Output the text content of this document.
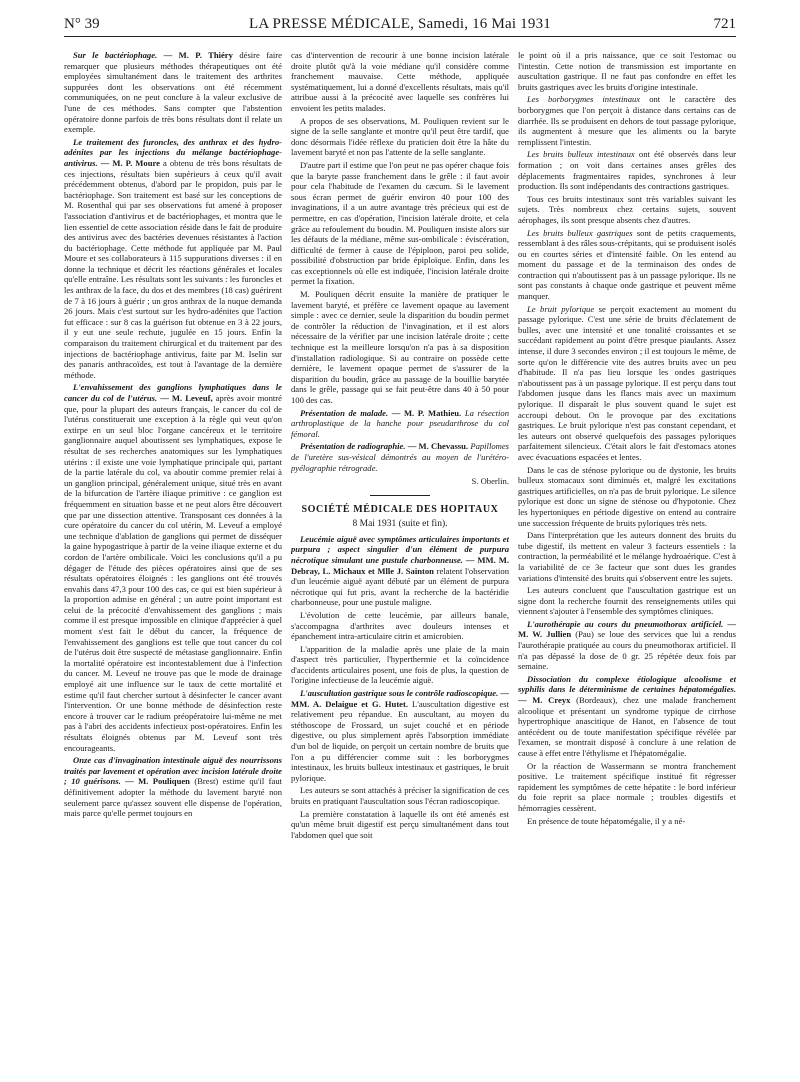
N° 39	LA PRESSE MÉDICALE, Samedi, 16 Mai 1931	721

Sur le bactériophage. — M. P. Thiéry désire faire remarquer que plusieurs méthodes thérapeutiques ont été employées simultanément dans le traitement des arthrites suppurées dont les observations ont été récemment communiquées, on ne peut conclure à la valeur exclusive de l'une de ces méthodes. Sans compter que l'abstention opératoire donne parfois de très bons résultats dont il relate un exemple.

Le traitement des furoncles, des anthrax et des hydro-adénites par les injections du mélange bactériophage-antivirus. — M. P. Moure a obtenu de très bons résultats de ces injections, résultats bien supérieurs à ceux qu'il avait précédemment obtenus, d'abord par le propidon, puis par le bactériophage. Son traitement est basé sur les conceptions de M. Rosenthal qui par ses observations fut amené à proposer l'association d'antivirus et de bactériophages, et montra que le lien essentiel de cette association réside dans le fait de produire des antivirus avec des bactéries devenues résistantes à l'action du bactériophage. Cette méthode fut appliquée par M. Paul Moure et ses collaborateurs à 115 suppurations diverses : il en donne la technique et décrit les réactions générales et locales qu'elle entraîne. Les résultats sont les suivants : les furoncles et les anthrax de la face, du dos et des membres (18 cas) guérirent de 7 à 16 jours à guérir ; un gros anthrax de la nuque demanda 26 jours. Mais c'est surtout sur les hydro-adénites que l'action fut efficace : sur 8 cas la guérison fut obtenue en 3 à 22 jours, il y eut une seule rechute, jugulée en 15 jours. Enfin la comparaison du traitement chirurgical et du traitement par des injections de bactériophage antivirus, faite par M. Iselin sur des panaris anthracoïdes, est tout à l'avantage de la dernière méthode.

L'envahissement des ganglions lymphatiques dans le cancer du col de l'utérus. — M. Leveuf, après avoir montré que, pour la plupart des auteurs français, le cancer du col de l'utérus constituerait une exception à la règle qui veut qu'on extirpe en un seul bloc l'organe cancéreux et le territoire ganglionnaire auquel aboutissent ses lymphatiques, expose le résultat de ses recherches anatomiques sur les lymphatiques utérins : il existe une voie lymphatique principale qui, partant de la partie latérale du col, va aboutir comme premier relai à un ganglion principal, généralement unique, situé très en avant de la bifurcation de l'artère iliaque primitive : ce ganglion est fréquemment en situation basse et ne peut alors être découvert que par une dissection attentive. Transposant ces données à la cure opératoire du cancer du col utérin, M. Leveuf a employé une technique d'ablation de ganglions qui permet de disséquer la gaine hypogastrique à partir de la veine iliaque externe et du cordon de l'artère ombilicale. Voici les conclusions qu'il a pu dégager de l'étude des pièces opératoires ainsi que de ses résultats opératoires éloignés : les ganglions ont été trouvés envahis dans 47,3 pour 100 des cas, ce qui est bien supérieur à la proportion admise en général ; un autre point important est celui de la précocité d'envahissement des ganglions ; mais comme il est presque impossible en clinique d'apprécier à quel moment s'est fait le début du cancer, la fréquence de l'envahissement des ganglions est telle que tout cancer du col de l'utérus doit être suspecté de métastase ganglionnaire. Enfin la mortalité opératoire est incontestablement due à l'infection du cancer. M. Leveuf ne trouve pas que le mode de drainage employé ait une influence sur le taux de cette mortalité et estime qu'il faut chercher surtout à désinfecter le cancer avant l'intervention. Or une bonne méthode de désinfection reste encore à trouver car le radium préopératoire lui-même ne met pas à l'abri des accidents infectieux post-opératoires. Enfin les résultats éloignés obtenus par M. Leveuf sont très encourageants.

Onze cas d'invagination intestinale aiguë des nourrissons traités par lavement et opération avec incision latérale droite ; 10 guérisons. — M. Pouliquen (Brest) estime qu'il faut définitivement adopter la méthode du lavement baryté non seulement parce qu'assez souvent elle dispense de l'opération, mais parce qu'elle permet toujours en

cas d'intervention de recourir à une bonne incision latérale droite plutôt qu'à la voie médiane qu'il considère comme franchement mauvaise. Cette méthode, appliquée systématiquement, lui a donné d'excellents résultats, mais qu'il attribue aussi à la précocité avec laquelle ses confrères lui envoient les petits malades.

A propos de ses observations, M. Pouliquen revient sur le signe de la selle sanglante et montre qu'il peut être tardif, que donc désormais l'idée réflexe du praticien doit être la hâte du lavement baryté et non pas l'attente de la selle sanglante.

D'autre part il estime que l'on peut ne pas opérer chaque fois que la baryte passe franchement dans le grêle : il faut avoir pour cela l'habitude de l'examen du cæcum. Si le lavement sous écran permet de guérir environ 40 pour 100 des invaginations, il a un autre avantage très précieux qui est de permettre, en cas d'opération, l'incision latérale droite, et cela grâce au refoulement du boudin. M. Pouliquen insiste alors sur les défauts de la médiane, même sus-ombilicale : éviscération, difficulté de fermer à cause de l'épiploon, paroi peu solide, possibilité d'obstruction par bride épiploïque. Enfin, dans les cas exceptionnels où elle est indiquée, l'incision latérale droite permet la fixation.

M. Pouliquen décrit ensuite la manière de pratiquer le lavement baryté, et préfère ce lavement opaque au lavement simple : avec ce dernier, seule la disparition du boudin permet de contrôler la réduction de l'invagination, et il est alors nécessaire de la vérifier par une incision latérale droite ; cette technique est la meilleure lorsqu'on n'a pas à sa disposition d'installation radiologique. Si au contraire on possède cette dernière, le lavement opaque permet de s'assurer de la disparition du boudin, grâce au passage de la bouillie barytée dans le grêle, passage qui se fait peut-être dans 40 à 50 pour 100 des cas.

Présentation de malade. — M. P. Mathieu. La résection arthroplastique de la hanche pour pseudarthrose du col fémoral.

Présentation de radiographie. — M. Chevassu. Papillomes de l'uretère sus-vésical démontrés au moyen de l'urétéro-pyélographie rétrograde.

S. Oberlin.
SOCIÉTÉ MÉDICALE DES HOPITAUX
8 Mai 1931 (suite et fin).

Leucémie aiguë avec symptômes articulaires importants et purpura ; aspect singulier d'un élément de purpura nécrotique simulant une pustule charbonneuse. — MM. M. Debray, L. Michaux et Mlle J. Sainton relatent l'observation d'un leucémie aiguë ayant débuté par un élément de purpura nécrotique qui fut pris, avant la recherche de la bactéridie charbonneuse, pour une pustule maligne.

L'évolution de cette leucémie, par ailleurs banale, s'accompagna d'arthrites avec douleurs intenses et épanchement intra-articulaire citrin et amicrobien.

L'apparition de la maladie après une plaie de la main d'aspect très particulier, l'hyperthermie et la coïncidence d'accidents articulaires posent, une fois de plus, la question de l'origine infectieuse de la leucémie aiguë.

L'auscultation gastrique sous le contrôle radioscopique. — MM. A. Delaigue et G. Hutet. L'auscultation digestive est relativement peu répandue. En auscultant, au moyen du stéthoscope de Frossard, un sujet couché et en période digestive, ou plus simplement après l'absorption immédiate d'un bol de liquide, on perçoit un certain nombre de bruits que l'on a pu différencier comme suit : les borborygmes intestinaux, les bruits bulleux intestinaux et gastriques, le bruit pylorique.

Les auteurs se sont attachés à préciser la signification de ces bruits en pratiquant l'auscultation sous l'écran radioscopique.

La première constatation à laquelle ils ont été amenés est qu'un même bruit digestif est perçu simultanément dans tout l'abdomen quel que soit

le point où il a pris naissance, que ce soit l'estomac ou l'intestin. Cette notion de transmission est importante en auscultation gastrique. Il ne faut pas confondre en effet les bruits gastriques avec les bruits d'origine intestinale.

Les borborygmes intestinaux ont le caractère des borborygmes que l'on perçoit à distance dans certains cas de diarrhée. Ils se produisent en dehors de tout passage pylorique, ils augmentent à mesure que les aliments ou la baryte remplissent l'intestin.

Les bruits bulleux intestinaux ont été observés dans leur formation ; on voit dans certaines anses grêles des déplacements fragmentaires rapides, synchrones à leur production. Ils sont indépendants des contractions gastriques.

Tous ces bruits intestinaux sont très variables suivant les sujets. Très nombreux chez certains sujets, souvent aérophages, ils sont presque absents chez d'autres.

Les bruits bulleux gastriques sont de petits craquements, ressemblant à des râles sous-crépitants, qui se produisent isolés ou en courtes séries et d'intensité faible. On les entend au moment du passage et de la terminaison des ondes de contraction qui n'aboutissent pas à un passage pylorique. Ils ne sont pas constants à chaque onde gastrique et peuvent même manquer.

Le bruit pylorique se perçoit exactement au moment du passage pylorique. C'est une série de bruits d'éclatement de bulles, avec une intensité et une tonalité croissantes et se succédant rapidement au point d'être presque piaulants. Assez intense, il dure 3 secondes environ ; il est toujours le même, de sorte qu'on le différencie vite des autres bruits avec un peu d'habitude. Il n'a pas lieu lorsque les ondes gastriques n'aboutissent pas à un passage pylorique. Il est perçu dans tout l'abdomen jusque dans les flancs mais avec un maximum pylorique. Il disparaît le plus souvent quand le sujet est accroupi debout. On le provoque par des excitations gastriques. Le bruit pylorique n'est pas constant cependant, et les auteurs ont observé quelquefois des passages pyloriques parfaitement silencieux. C'était alors le fait d'estomacs atones avec évacuations espacées et lentes.

Dans le cas de sténose pylorique ou de dystonie, les bruits bulleux stomacaux sont diminués et, malgré les excitations gastriques artificielles, on n'a pas de bruit pylorique. Le silence pylorique est donc un signe de sténose ou d'hypotonie. Chez les hypertoniques en période digestive on entend au contraire une succession fréquente de bruits pyloriques très nets.

Dans l'interprétation que les auteurs donnent des bruits du tube digestif, ils mettent en valeur 3 facteurs essentiels : la contraction, la perméabilité et le mélange hydroaérique. C'est à la variabilité de ce 3e facteur que sont dues les grandes variations d'intensité des bruits qui s'observent entre les sujets.

Les auteurs concluent que l'auscultation gastrique est un signe dont la recherche fournit des renseignements utiles qui viennent s'ajouter à l'ensemble des symptômes cliniques.

L'aurothérapie au cours du pneumothorax artificiel. — M. W. Jullien (Pau) se loue des services que lui a rendus l'aurothérapie pratiquée au cours du pneumothorax artificiel. Il n'a pas dépassé la dose de 0 gr. 25 répétée deux fois par semaine.

Dissociation du complexe étiologique alcoolisme et syphilis dans le déterminisme de certaines hépatomégalies. — M. Creyx (Bordeaux), chez une malade franchement alcoolique et présentant un syndrome typique de cirrhose hypertrophique anascitique de Hanot, en l'absence de tout antécédent ou de toute manifestation spécifique révélée par l'examen, se montrait disposé à conclure à une relation de cause à effet entre l'éthylisme et l'hépatomégalie.

Or la réaction de Wassermann se montra franchement positive. Le traitement spécifique institué fit régresser rapidement les symptômes de cette hépatite : le bord inférieur du foie reprit sa place normale ; troubles digestifs et hémorragies cessèrent.

En présence de toute hépatomégalie, il y a né-
